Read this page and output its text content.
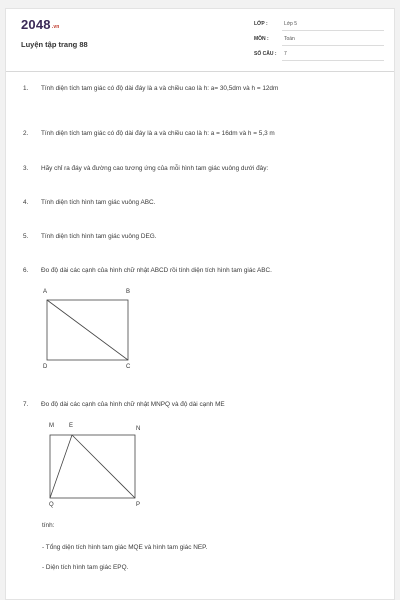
2048.vn
Luyện tập trang 88
LỚP :	Lớp 5
MÔN :	Toán
SỐ CÂU : 7
1. Tính diện tích tam giác có độ dài đáy là a và chiều cao là h: a= 30,5dm và h = 12dm
2. Tính diện tích tam giác có độ dài đáy là a và chiều cao là h: a = 16dm và h = 5,3 m
3. Hãy chỉ ra đáy và đường cao tương ứng của mỗi hình tam giác vuông dưới đây:
4. Tính diện tích hình tam giác vuông ABC.
5. Tính diện tích hình tam giác vuông DEG.
6. Đo độ dài các cạnh của hình chữ nhật ABCD rồi tính diện tích hình tam giác ABC.
A	B
D	C
7. Đo độ dài các cạnh của hình chữ nhật MNPQ và độ dài cạnh ME
M	E	N
Q	P
tính:
- Tổng diện tích hình tam giác MQE và hình tam giác NEP.
- Diện tích hình tam giác EPQ.
